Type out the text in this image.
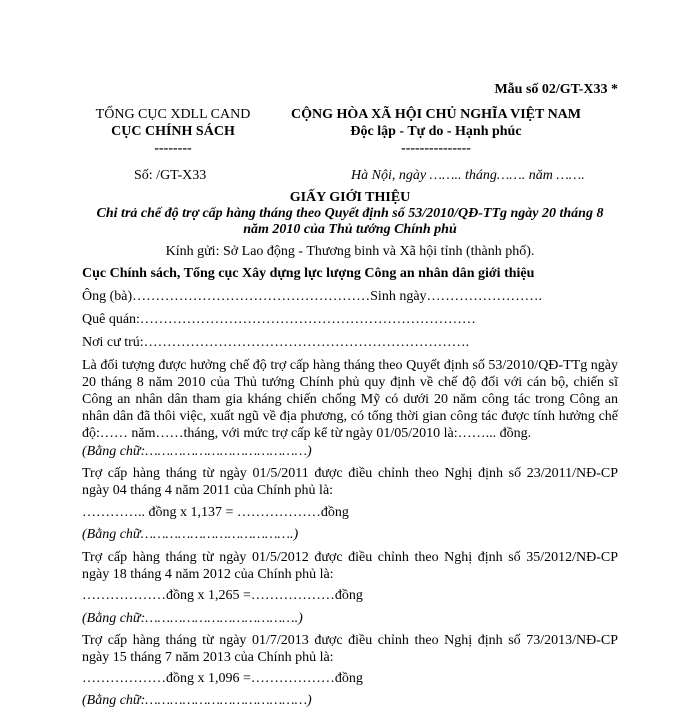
Mẫu số 02/GT-X33 *
TỔNG CỤC XDLL CAND
CỤC CHÍNH SÁCH
--------
CỘNG HÒA XÃ HỘI CHỦ NGHĨA VIỆT NAM
Độc lập - Tự do - Hạnh phúc
---------------
Số: /GT-X33	Hà Nội, ngày …….. tháng……. năm …….
GIẤY GIỚI THIỆU
Chi trả chế độ trợ cấp hàng tháng theo Quyết định số 53/2010/QĐ-TTg ngày 20 tháng 8 năm 2010 của Thủ tướng Chính phủ
Kính gửi: Sở Lao động - Thương binh và Xã hội tỉnh (thành phố).
Cục Chính sách, Tổng cục Xây dựng lực lượng Công an nhân dân giới thiệu
Ông (bà)……………………………………………Sinh ngày…………………….
Quê quán:………………………………………………………………
Nơi cư trú:…………………………………………………………….
Là đối tượng được hưởng chế độ trợ cấp hàng tháng theo Quyết định số 53/2010/QĐ-TTg ngày 20 tháng 8 năm 2010 của Thủ tướng Chính phủ quy định về chế độ đối với cán bộ, chiến sĩ Công an nhân dân tham gia kháng chiến chống Mỹ có dưới 20 năm công tác trong Công an nhân dân đã thôi việc, xuất ngũ về địa phương, có tổng thời gian công tác được tính hưởng chế độ:…… năm……tháng, với mức trợ cấp kể từ ngày 01/05/2010 là:……... đồng.
(Bằng chữ:…………………………………)
Trợ cấp hàng tháng từ ngày 01/5/2011 được điều chỉnh theo Nghị định số 23/2011/NĐ-CP ngày 04 tháng 4 năm 2011 của Chính phủ là:
………….. đồng x 1,137 = ………………đồng
(Bằng chữ……………………………….)
Trợ cấp hàng tháng từ ngày 01/5/2012 được điều chỉnh theo Nghị định số 35/2012/NĐ-CP ngày 18 tháng 4 năm 2012 của Chính phủ là:
………………đồng x 1,265 =………………đồng
(Bằng chữ:……………………………….)
Trợ cấp hàng tháng từ ngày 01/7/2013 được điều chỉnh theo Nghị định số 73/2013/NĐ-CP ngày 15 tháng 7 năm 2013 của Chính phủ là:
………………đồng x 1,096 =………………đồng
(Bằng chữ:…………………………………)
